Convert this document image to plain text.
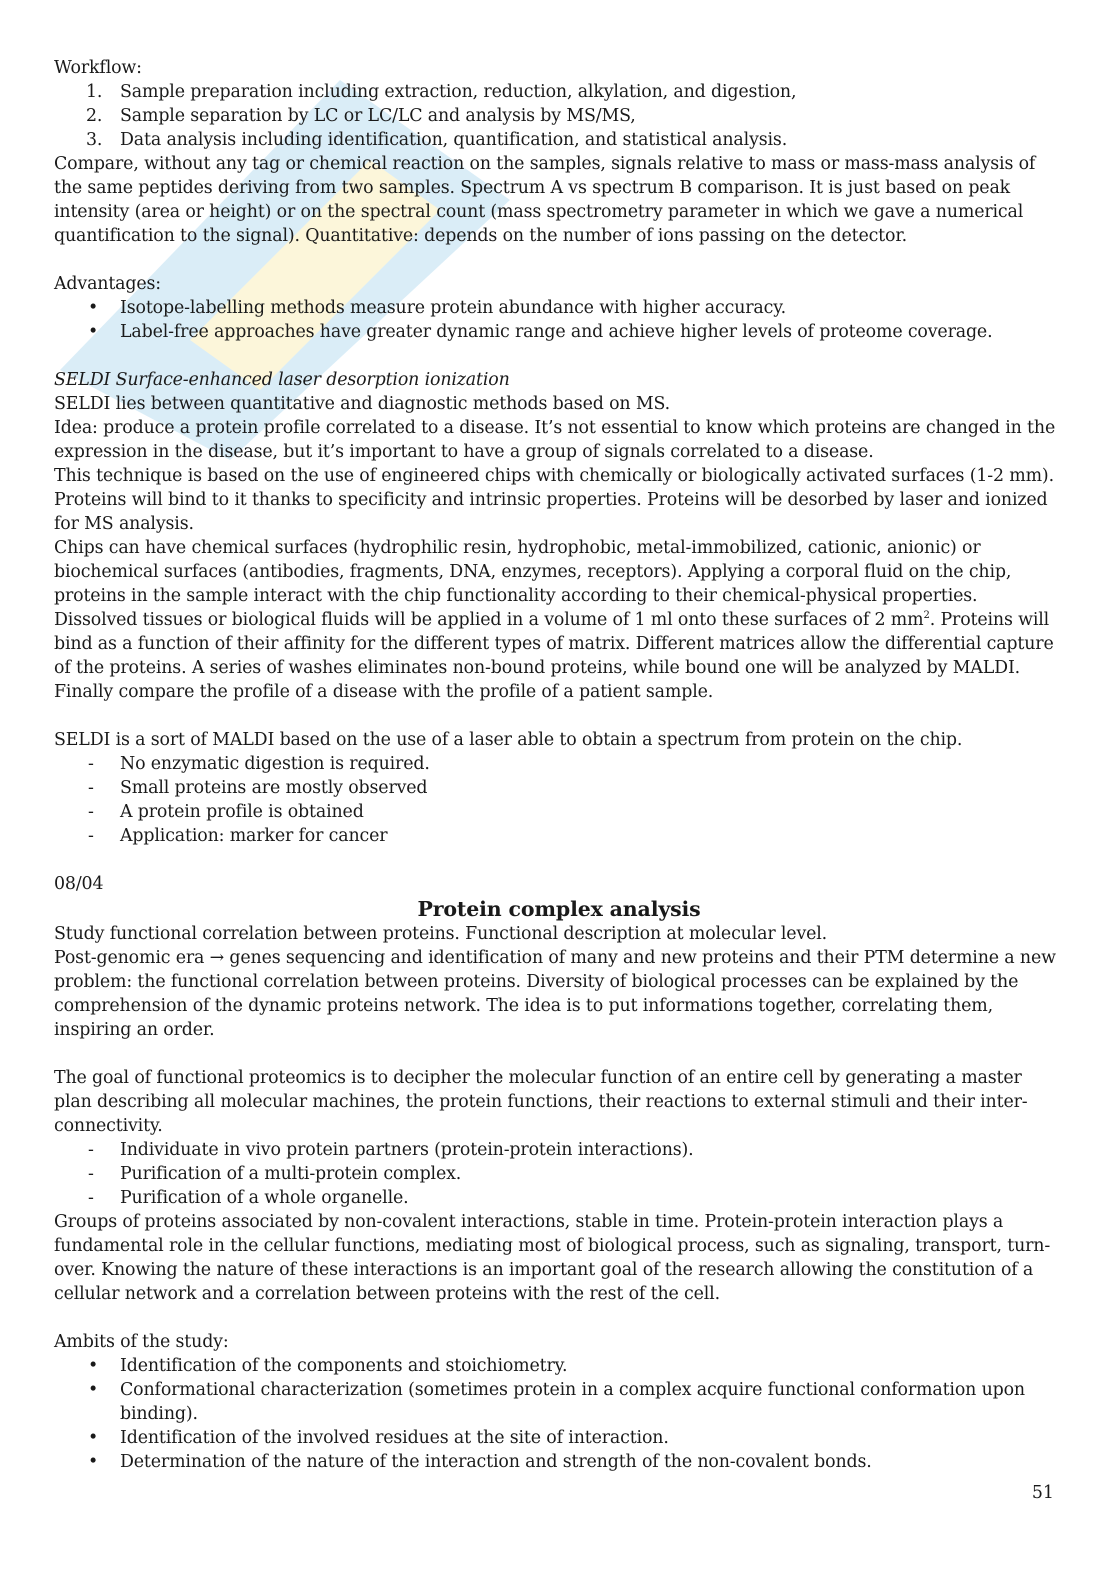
Workflow:

1.	Sample preparation including extraction, reduction, alkylation, and digestion,
2.	Sample separation by LC or LC/LC and analysis by MS/MS,
3.	Data analysis including identification, quantification, and statistical analysis.

Compare, without any tag or chemical reaction on the samples, signals relative to mass or mass-mass analysis of the same peptides deriving from two samples. Spectrum A vs spectrum B comparison. It is just based on peak intensity (area or height) or on the spectral count (mass spectrometry parameter in which we gave a numerical quantification to the signal). Quantitative: depends on the number of ions passing on the detector.

Advantages:

•	Isotope-labelling methods measure protein abundance with higher accuracy.
•	Label-free approaches have greater dynamic range and achieve higher levels of proteome coverage.

SELDI Surface-enhanced laser desorption ionization

SELDI lies between quantitative and diagnostic methods based on MS.

Idea: produce a protein profile correlated to a disease. It’s not essential to know which proteins are changed in the expression in the disease, but it’s important to have a group of signals correlated to a disease.

This technique is based on the use of engineered chips with chemically or biologically activated surfaces (1-2 mm). Proteins will bind to it thanks to specificity and intrinsic properties. Proteins will be desorbed by laser and ionized for MS analysis.

Chips can have chemical surfaces (hydrophilic resin, hydrophobic, metal-immobilized, cationic, anionic) or biochemical surfaces (antibodies, fragments, DNA, enzymes, receptors). Applying a corporal fluid on the chip, proteins in the sample interact with the chip functionality according to their chemical-physical properties. Dissolved tissues or biological fluids will be applied in a volume of 1 ml onto these surfaces of 2 $mm^2$. Proteins will bind as a function of their affinity for the different types of matrix. Different matrices allow the differential capture of the proteins. A series of washes eliminates non-bound proteins, while bound one will be analyzed by MALDI. Finally compare the profile of a disease with the profile of a patient sample.

SELDI is a sort of MALDI based on the use of a laser able to obtain a spectrum from protein on the chip.

-	No enzymatic digestion is required.
-	Small proteins are mostly observed
-	A protein profile is obtained
-	Application: marker for cancer

08/04

Protein complex analysis

Study functional correlation between proteins. Functional description at molecular level.

Post-genomic era → genes sequencing and identification of many and new proteins and their PTM determine a new problem: the functional correlation between proteins. Diversity of biological processes can be explained by the comprehension of the dynamic proteins network. The idea is to put informations together, correlating them, inspiring an order.

The goal of functional proteomics is to decipher the molecular function of an entire cell by generating a master plan describing all molecular machines, the protein functions, their reactions to external stimuli and their inter-connectivity.

-	Individuate in vivo protein partners (protein-protein interactions).
-	Purification of a multi-protein complex.
-	Purification of a whole organelle.

Groups of proteins associated by non-covalent interactions, stable in time. Protein-protein interaction plays a fundamental role in the cellular functions, mediating most of biological process, such as signaling, transport, turn-over. Knowing the nature of these interactions is an important goal of the research allowing the constitution of a cellular network and a correlation between proteins with the rest of the cell.

Ambits of the study:

•	Identification of the components and stoichiometry.
•	Conformational characterization (sometimes protein in a complex acquire functional conformation upon binding).
•	Identification of the involved residues at the site of interaction.
•	Determination of the nature of the interaction and strength of the non-covalent bonds.
51
